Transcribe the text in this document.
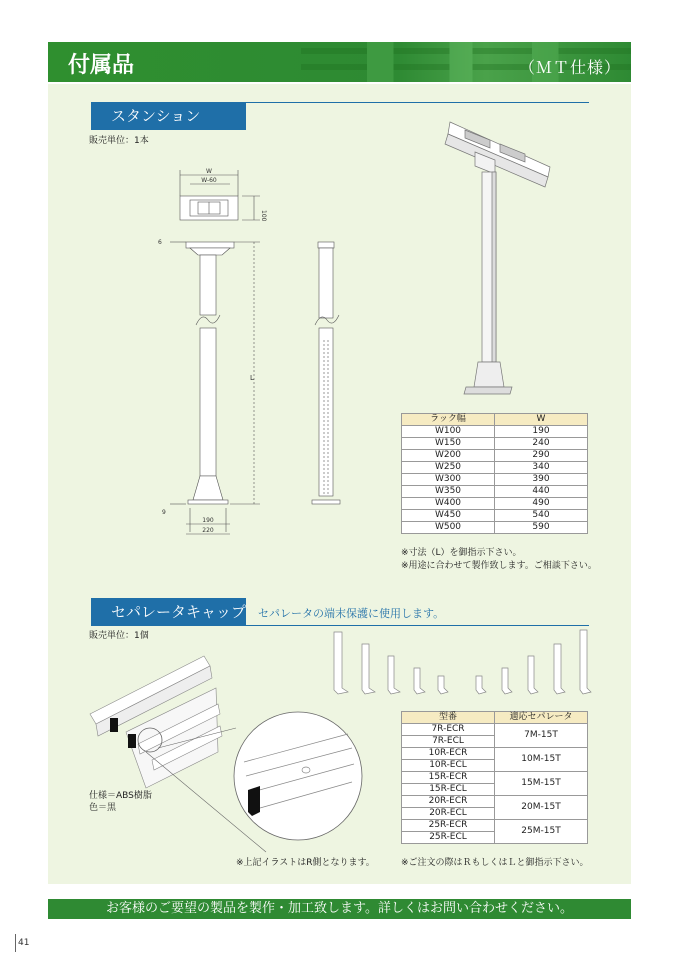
付属品	（ＭＴ仕様）
スタンション
販売単位：1本
W
W-60
100
6
L
9
190
220
ラック幅	W
W100	190
W150	240
W200	290
W250	340
W300	390
W350	440
W400	490
W450	540
W500	590
※寸法（L）を御指示下さい。
※用途に合わせて製作致します。ご相談下さい。
セパレータキャップ セパレータの端末保護に使用します。
販売単位：1個
仕様＝ABS樹脂
色＝黒
型番	適応セパレータ
7R-ECR	7M-15T
7R-ECL	
10R-ECR	10M-15T
10R-ECL	
15R-ECR	15M-15T
15R-ECL	
20R-ECR	20M-15T
20R-ECL	
25R-ECR	25M-15T
25R-ECL	
※上記イラストはR側となります。	※ご注文の際はＲもしくはＬと御指示下さい。
お客様のご要望の製品を製作・加工致します。詳しくはお問い合わせください。
41
